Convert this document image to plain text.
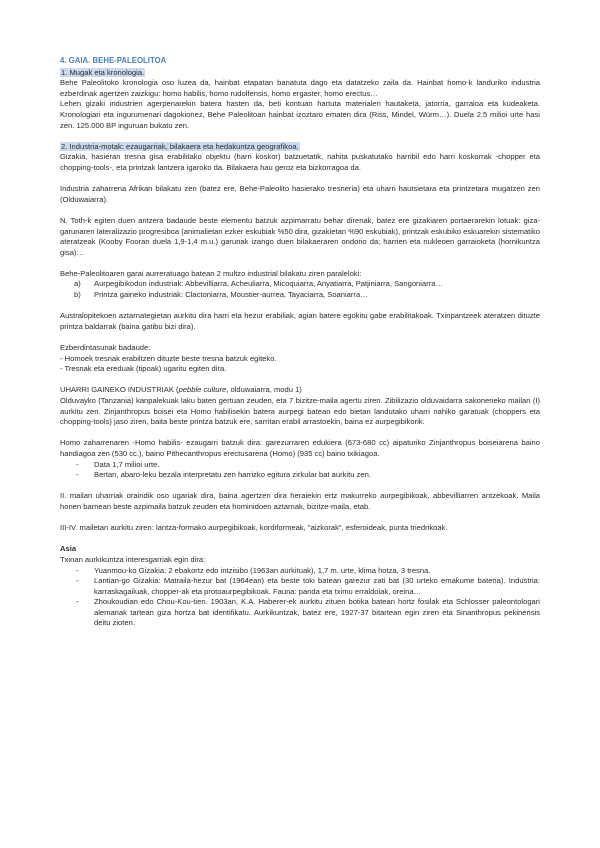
4. GAIA. BEHE-PALEOLITOA

1. Mugak eta kronologia.

Behe Paleolitoko kronologia oso luzea da, hainbat etapatan banatuta dago eta datatzeko zaila da. Hainbat homo-k landuriko industria ezberdinak agertzen zaizkigu: homo habilis, homo rudolfensis, homo ergaster, homo erectus…

Lehen gizaki industrien agerpenarekin batera hasten da, beti kontuan hartuta materialen hautaketa, jatorria, garraioa eta kudeaketa. Kronologiari eta ingurumenari dagokionez, Behe Paleolitoan hainbat izoztaro ematen dira (Riss, Mindel, Würm…). Duela 2.5 milioi urte hasi zen. 125.000 BP inguruan bukatu zen.

2. Industria-motak: ezaugarriak, bilakaera eta hedakuntza geografikoa.

Gizakia, hasieran tresna gisa erabilitako objektu (harri koskor) batzuetatik, nahita puskatutako harribil edo harri koskorrak -chopper eta chopping-tools-, eta printzak lantzera igaroko da. Bilakaera hau geroz eta bizkorragoa da.

Industria zaharrena Afrikan bilakatu zen (batez ere, Behe-Paleolito hasierako tresneria) eta uharri hautsietara eta printzetara mugatzen zen (Olduwaiarra).

N. Toth-k egiten duen antzera badaude beste elementu batzuk azpimarratu behar direnak, batez ere gizakiaren portaerarekin lotuak: giza-garunaren lateralizazio progresiboa (animalietan ezker eskubiak %50 dira, gizakietan %90 eskubiak), printzak eskubiko eskuarekin sistematiko ateratzeak (Kooby Fooran duela 1,9-1,4 m.u.) garunak izango duen bilakaeraren ondorio da; harrien eta nukleoen garraioketa (hornikuntza gisa)…

Behe-Paleolitoaren garai aurreratuago batean 2 multzo industrial bilakatu ziren paraleloki:

a) Aurpegibikodun industriak: Abbevilliarra, Acheuliarra, Micoquiarra, Anyatiarra, Patjiniarra, Sangoniarra…
b) Printza gaineko industriak: Clactoniarra, Moustier-aurrea, Tayaciarra, Soaniarra…

Australopitekoen aztarnategietan aurkitu dira harri eta hezur erabiliak, agian batere egokitu gabe erabilitakoak. Txinpantzeek ateratzen dituzte printza baldarrak (baina gatibu bizi dira).

Ezberdintasunak badaude:

- Homoek tresnak erabiltzen dituzte beste tresna batzuk egiteko.

- Tresnak eta ereduak (tipoak) ugaritu egiten dira.

UHARRI GAINEKO INDUSTRIAK (pebble culture, olduwaiarra, modu 1)

Olduvayko (Tanzania) kanpalekuak laku baten gertuan zeuden, eta 7 bizitze-maila agertu ziren. Zibilizazio olduvaidarra sakoneneko mailan (I) aurkitu zen. Zinjanthropus boisei eta Homo habilisekin batera aurpegi batean edo bietan landutako uharri nahiko garatuak (choppers eta chopping-tools) jaso ziren, baita beste printza batzuk ere, sarritan erabil arrastoekin, baina ez aurpegibikorik.

Homo zaharrenaren -Homo habilis- ezaugarri batzuk dira: garezurraren edukiera (673-680 cc) aipaturiko Zinjanthropus boiseiarena baino handiagoa zen (530 cc.), baino Pithecanthropus erectusarena (Homo) (935 cc) baino txikiagoa.

- Data 1,7 milioi urte.
- Bertan, abaro-leku bezala interpretatu zen harrizko egitura zirkular bat aurkitu zen.

II. mailan uharriak oraindik oso ugariak dira, baina agertzen dira heraiekin ertz makurreko aurpegibikoak, abbevilliarren antzekoak. Maila honen barnean beste azpimaila batzuk zeuden eta hominidoen aztarnak, bizitze-maila, etab.

III-IV. mailetan aurkitu ziren: lantza-formako aurpegibikoak, kordiformeak, "aizkorak", esferoideak, punta triedrikoak.

Asia

Txinan aurkikuntza interesgarriak egin dira:

- Yuanmou-ko Gizakia: 2 ebakortz edo intzisibo (1963an aurkituak), 1,7 m. urte, klima hotza, 3 tresna.
- Lantian-go Gizakia: Matraila-hezur bat (1964ean) eta beste toki batean garezur zati bat (30 urteko emakume batena). Industria: karraskagailuak, chopper-ak eta protoaurpegibikoak. Fauna: panda eta tximu erraldoiak, oreina…
- Zhoukoudian edo Chou-Kou-tien. 1903an, K.A. Haberer-ek aurkitu zituen botika batean hortz fosilak eta Schlosser paleontologari alemanak tartean giza hortza bat identifikatu. Aurkikuntzak, batez ere, 1927-37 bitartean egin ziren eta Sinanthropus pekinensis deitu zioten.
